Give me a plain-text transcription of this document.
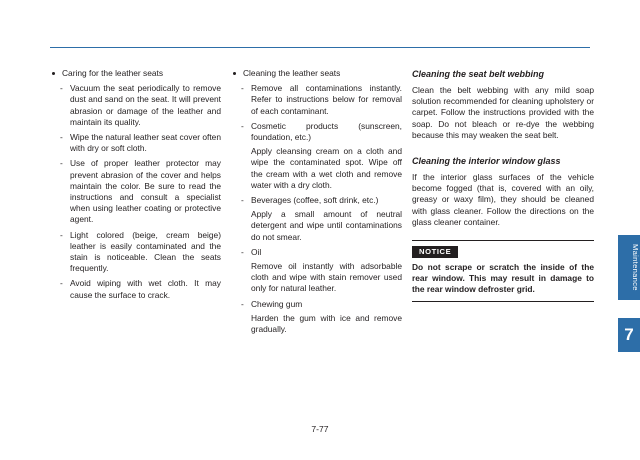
Caring for the leather seats
- Vacuum the seat periodically to remove dust and sand on the seat. It will prevent abrasion or damage of the leather and maintain its quality.
- Wipe the natural leather seat cover often with dry or soft cloth.
- Use of proper leather protector may prevent abrasion of the cover and helps maintain the color. Be sure to read the instructions and consult a specialist when using leather coating or protective agent.
- Light colored (beige, cream beige) leather is easily contaminated and the stain is noticeable. Clean the seats frequently.
- Avoid wiping with wet cloth. It may cause the surface to crack.
Cleaning the leather seats
- Remove all contaminations instantly. Refer to instructions below for removal of each contaminant.
- Cosmetic products (sunscreen, foundation, etc.)
Apply cleansing cream on a cloth and wipe the contaminated spot. Wipe off the cream with a wet cloth and remove water with a dry cloth.
- Beverages (coffee, soft drink, etc.)
Apply a small amount of neutral detergent and wipe until contaminations do not smear.
- Oil
Remove oil instantly with adsorbable cloth and wipe with stain remover used only for natural leather.
- Chewing gum
Harden the gum with ice and remove gradually.
Cleaning the seat belt webbing
Clean the belt webbing with any mild soap solution recommended for cleaning upholstery or carpet. Follow the instructions provided with the soap. Do not bleach or re-dye the webbing because this may weaken the seat belt.
Cleaning the interior window glass
If the interior glass surfaces of the vehicle become fogged (that is, covered with an oily, greasy or waxy film), they should be cleaned with glass cleaner. Follow the directions on the glass cleaner container.
NOTICE
Do not scrape or scratch the inside of the rear window. This may result in damage to the rear window defroster grid.	Maintenance
7
7-77
